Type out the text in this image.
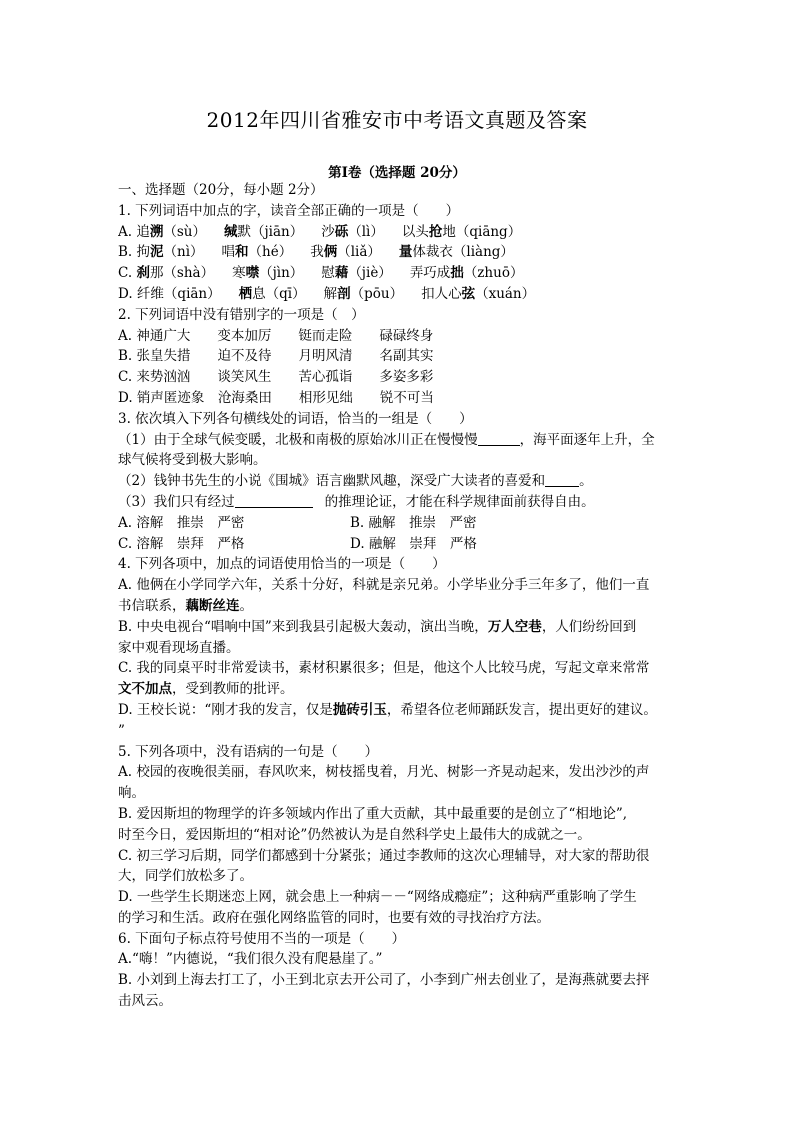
2012年四川省雅安市中考语文真题及答案
第Ⅰ卷（选择题 20分）
一、选择题（20分，每小题 2分）
1. 下列词语中加点的字，读音全部正确的一项是（　　）
A. 追溯（sù） 缄默（jiān） 沙砾（lì） 以头抢地（qiāng）
B. 拘泥（nì） 唱和（hé） 我俩（liǎ） 量体裁衣（liàng）
C. 刹那（shà） 寒噤（jìn） 慰藉（jiè） 弄巧成拙（zhuō）
D. 纤维（qiān） 栖息（qī） 解剖（pōu） 扣人心弦（xuán）
2. 下列词语中没有错别字的一项是（　）
A. 神通广大　　变本加厉　　铤而走险　　碌碌终身
B. 张皇失措　　迫不及待　　月明风清　　名副其实
C. 来势汹汹　　谈笑风生　　苦心孤诣　　多姿多彩
D. 销声匿迹象　沧海桑田　　相形见绌　　锐不可当
3. 依次填入下列各句横线处的词语，恰当的一组是（　　）
（1）由于全球气候变暖，北极和南极的原始冰川正在慢慢慢	，海平面逐年上升，全
球气候将受到极大影响。
（2）钱钟书先生的小说《围城》语言幽默风趣，深受广大读者的喜爱和	。
（3）我们只有经过	的推理论证，才能在科学规律面前获得自由。
A. 溶解　推崇　严密	B. 融解　推崇　严密
C. 溶解　崇拜　严格	D. 融解　崇拜　严格
4. 下列各项中，加点的词语使用恰当的一项是（　　）
A. 他俩在小学同学六年，关系十分好，科就是亲兄弟。小学毕业分手三年多了，他们一直
书信联系，藕断丝连。
B. 中央电视台“唱响中国”来到我县引起极大轰动，演出当晚，万人空巷，人们纷纷回到
家中观看现场直播。
C. 我的同桌平时非常爱读书，素材积累很多；但是，他这个人比较马虎，写起文章来常常
文不加点，受到教师的批评。
D. 王校长说：“刚才我的发言，仅是抛砖引玉，希望各位老师踊跃发言，提出更好的建议。
”
5. 下列各项中，没有语病的一句是（　　）
A. 校园的夜晚很美丽，春风吹来，树枝摇曳着，月光、树影一齐晃动起来，发出沙沙的声
响。
B. 爱因斯坦的物理学的许多领域内作出了重大贡献，其中最重要的是创立了“相地论”,
时至今日，爱因斯坦的“相对论”仍然被认为是自然科学史上最伟大的成就之一。
C. 初三学习后期，同学们都感到十分紧张；通过李教师的这次心理辅导，对大家的帮助很
大，同学们放松多了。
D. 一些学生长期迷恋上网，就会患上一种病－－“网络成瘾症”；这种病严重影响了学生
的学习和生活。政府在强化网络监管的同时，也要有效的寻找治疗方法。
6. 下面句子标点符号使用不当的一项是（　　）
A.“嗨！”内德说，“我们很久没有爬悬崖了。”
B. 小刘到上海去打工了，小王到北京去开公司了，小李到广州去创业了，是海燕就要去抨
击风云。
